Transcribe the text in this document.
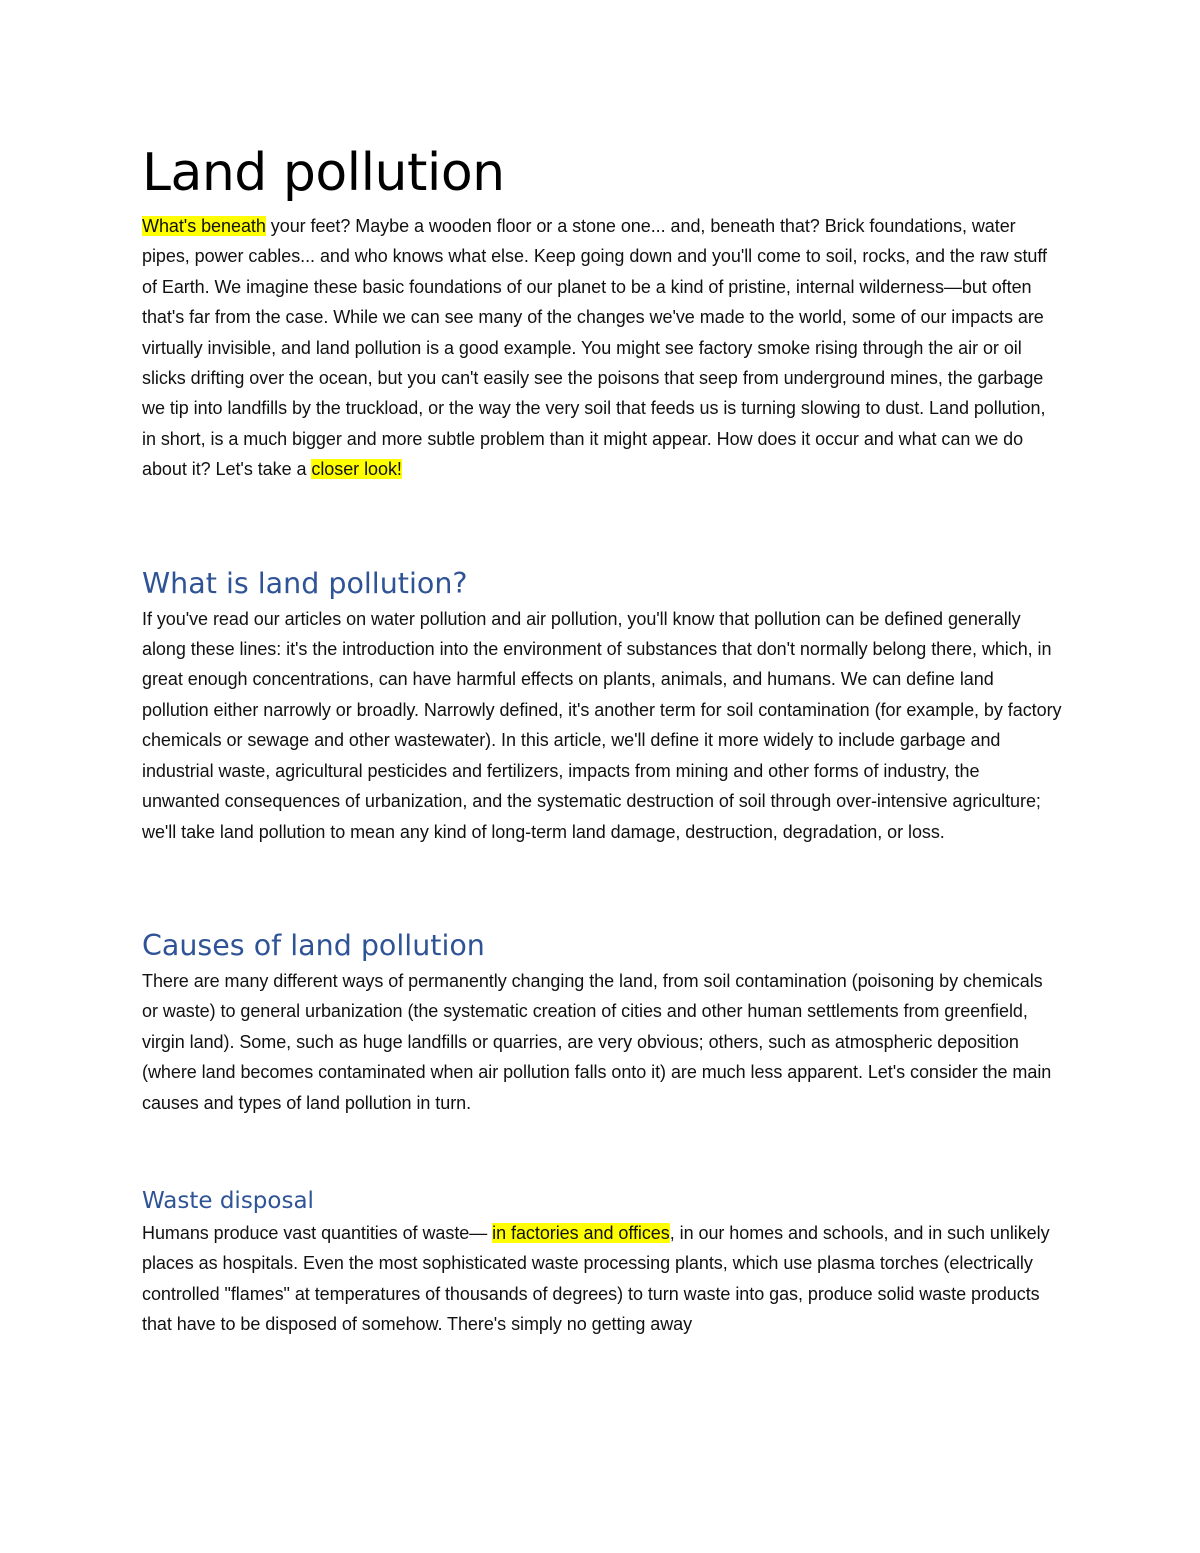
Land pollution

What's beneath your feet? Maybe a wooden floor or a stone one... and, beneath that? Brick foundations, water pipes, power cables... and who knows what else. Keep going down and you'll come to soil, rocks, and the raw stuff of Earth. We imagine these basic foundations of our planet to be a kind of pristine, internal wilderness—but often that's far from the case. While we can see many of the changes we've made to the world, some of our impacts are virtually invisible, and land pollution is a good example. You might see factory smoke rising through the air or oil slicks drifting over the ocean, but you can't easily see the poisons that seep from underground mines, the garbage we tip into landfills by the truckload, or the way the very soil that feeds us is turning slowing to dust. Land pollution, in short, is a much bigger and more subtle problem than it might appear. How does it occur and what can we do about it? Let's take a closer look!

What is land pollution?

If you've read our articles on water pollution and air pollution, you'll know that pollution can be defined generally along these lines: it's the introduction into the environment of substances that don't normally belong there, which, in great enough concentrations, can have harmful effects on plants, animals, and humans. We can define land pollution either narrowly or broadly. Narrowly defined, it's another term for soil contamination (for example, by factory chemicals or sewage and other wastewater). In this article, we'll define it more widely to include garbage and industrial waste, agricultural pesticides and fertilizers, impacts from mining and other forms of industry, the unwanted consequences of urbanization, and the systematic destruction of soil through over-intensive agriculture; we'll take land pollution to mean any kind of long-term land damage, destruction, degradation, or loss.

Causes of land pollution

There are many different ways of permanently changing the land, from soil contamination (poisoning by chemicals or waste) to general urbanization (the systematic creation of cities and other human settlements from greenfield, virgin land). Some, such as huge landfills or quarries, are very obvious; others, such as atmospheric deposition (where land becomes contaminated when air pollution falls onto it) are much less apparent. Let's consider the main causes and types of land pollution in turn.

Waste disposal

Humans produce vast quantities of waste— in factories and offices, in our homes and schools, and in such unlikely places as hospitals. Even the most sophisticated waste processing plants, which use plasma torches (electrically controlled "flames" at temperatures of thousands of degrees) to turn waste into gas, produce solid waste products that have to be disposed of somehow. There's simply no getting away
